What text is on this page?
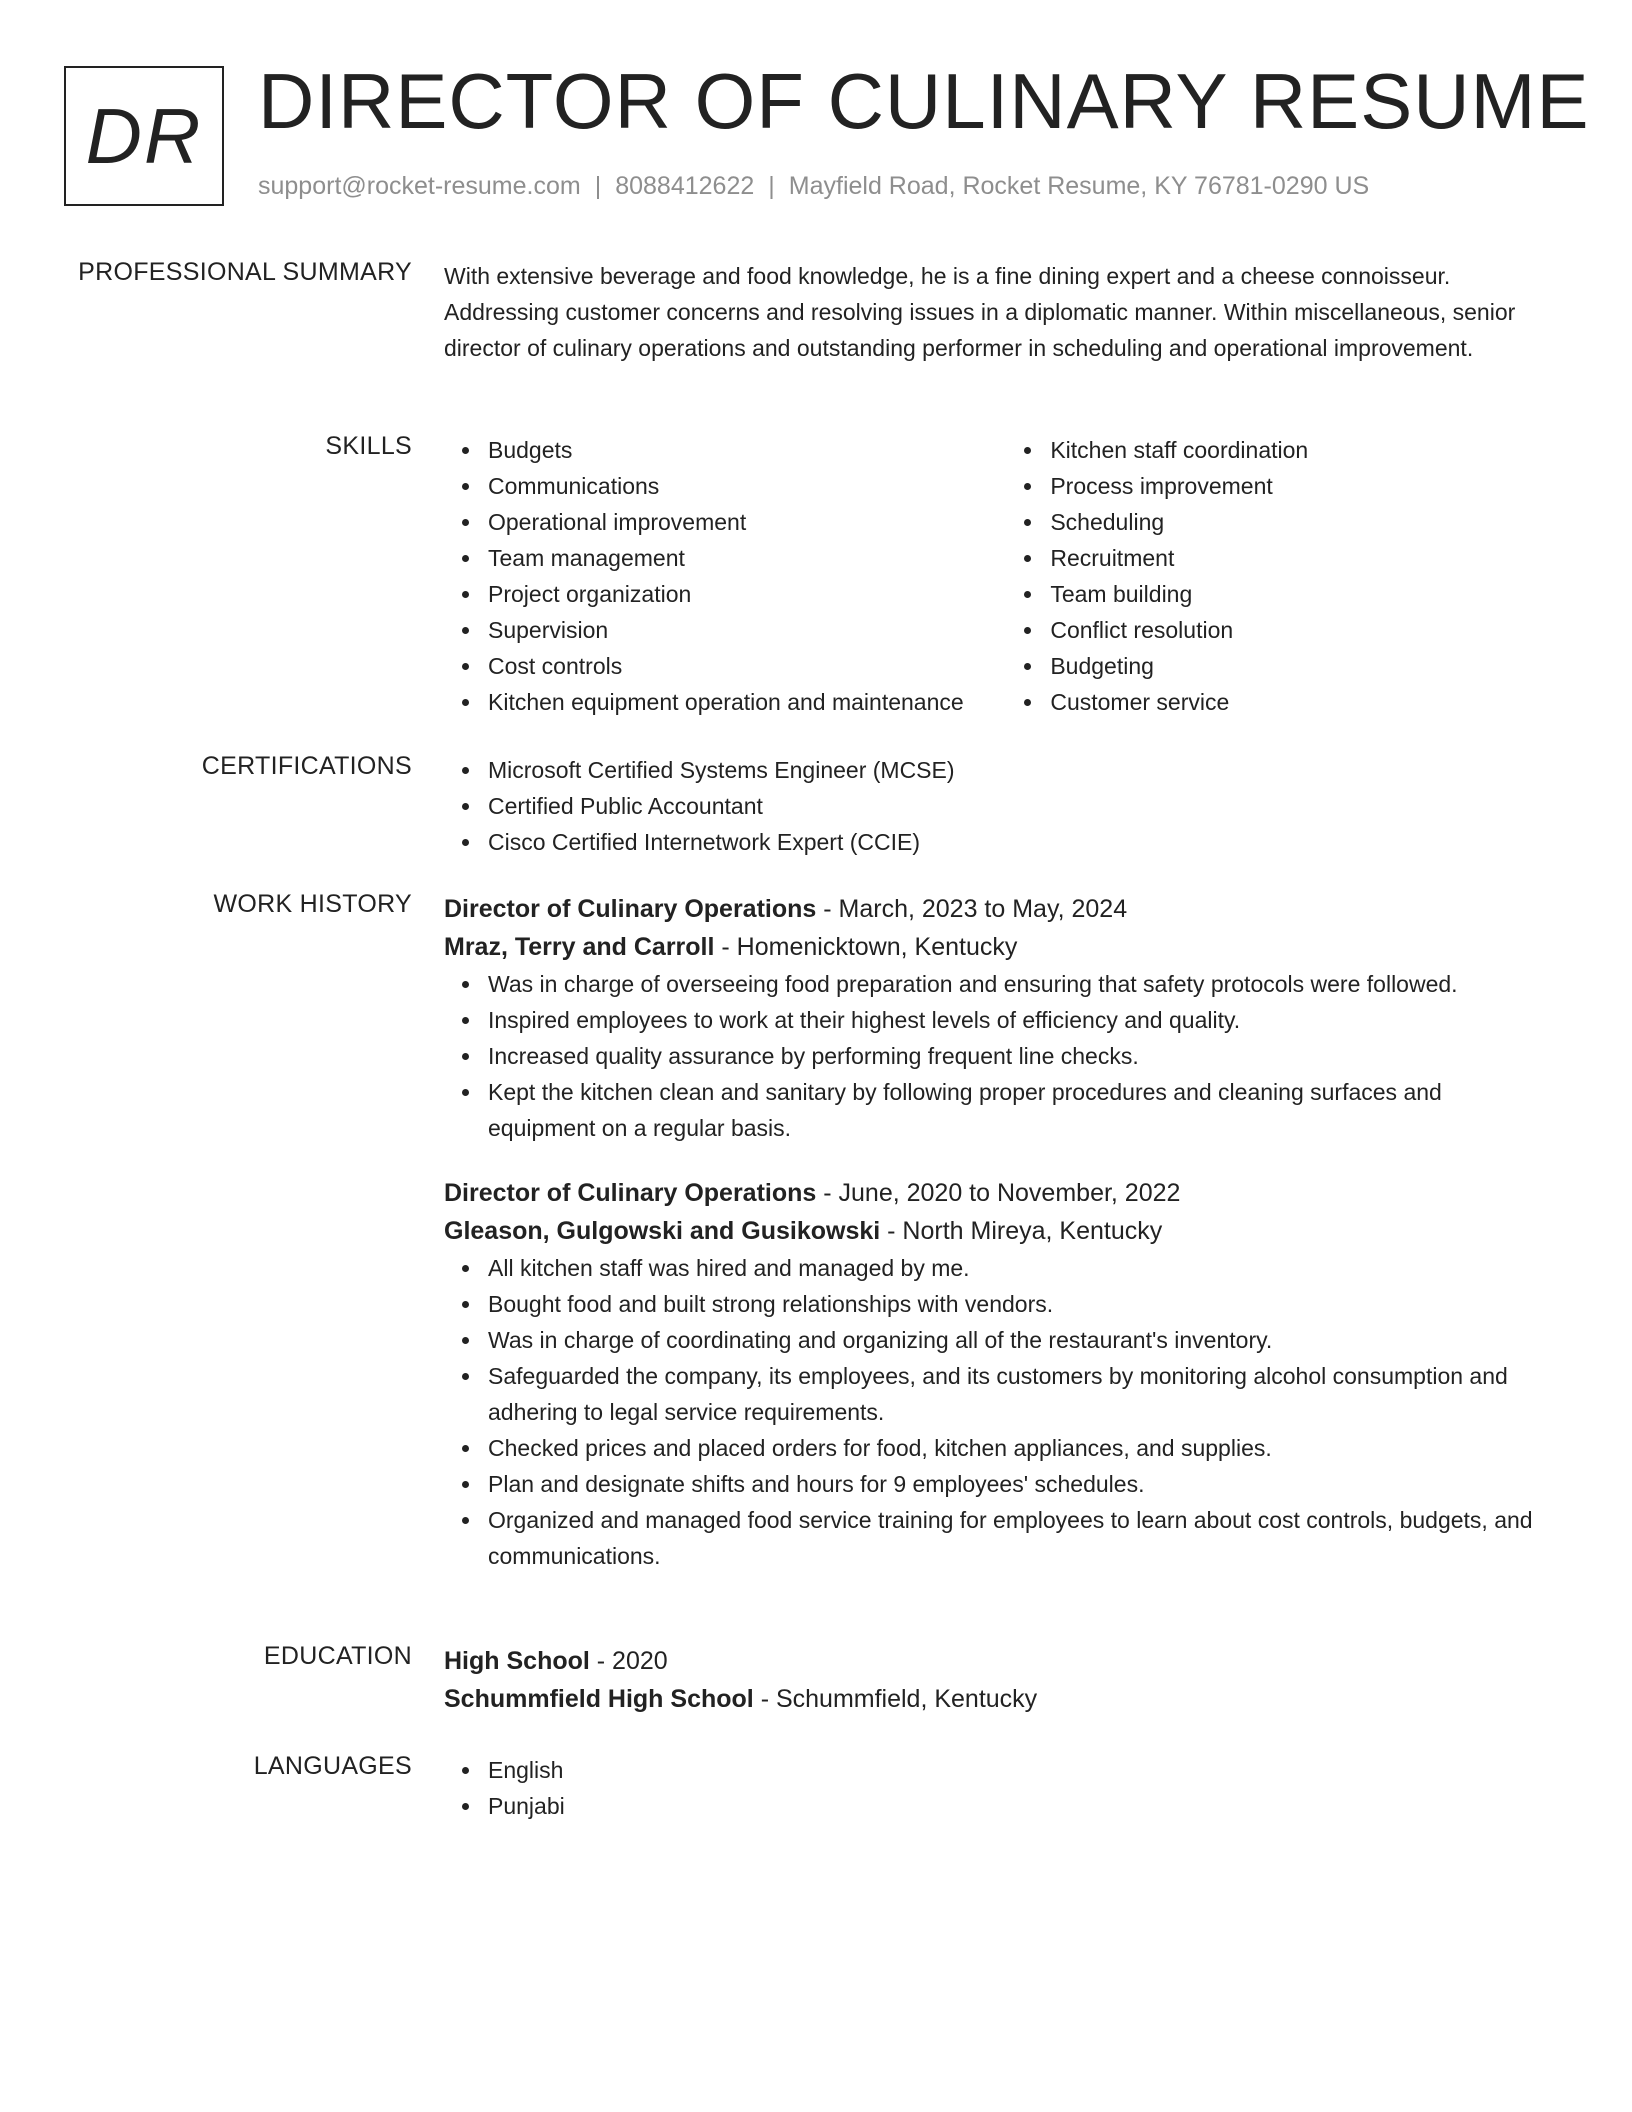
DR DIRECTOR OF CULINARY RESUME
support@rocket-resume.com | 8088412622 | Mayfield Road, Rocket Resume, KY 76781-0290 US
PROFESSIONAL SUMMARY With extensive beverage and food knowledge, he is a fine dining expert and a cheese connoisseur. Addressing customer concerns and resolving issues in a diplomatic manner. Within miscellaneous, senior director of culinary operations and outstanding performer in scheduling and operational improvement.

SKILLS	Budgets
Communications
Operational improvement
Team management
Project organization
Supervision
Cost controls
Kitchen equipment operation and maintenance
Kitchen staff coordination
Process improvement
Scheduling
Recruitment
Team building
Conflict resolution
Budgeting
Customer service
CERTIFICATIONS	Microsoft Certified Systems Engineer (MCSE)
Certified Public Accountant
Cisco Certified Internetwork Expert (CCIE)
WORK HISTORY Director of Culinary Operations - March, 2023 to May, 2024
Mraz, Terry and Carroll - Homenicktown, Kentucky
Was in charge of overseeing food preparation and ensuring that safety protocols were followed.
Inspired employees to work at their highest levels of efficiency and quality.
Increased quality assurance by performing frequent line checks.
Kept the kitchen clean and sanitary by following proper procedures and cleaning surfaces and equipment on a regular basis.
Director of Culinary Operations - June, 2020 to November, 2022
Gleason, Gulgowski and Gusikowski - North Mireya, Kentucky
All kitchen staff was hired and managed by me.
Bought food and built strong relationships with vendors.
Was in charge of coordinating and organizing all of the restaurant's inventory.
Safeguarded the company, its employees, and its customers by monitoring alcohol consumption and adhering to legal service requirements.
Checked prices and placed orders for food, kitchen appliances, and supplies.
Plan and designate shifts and hours for 9 employees' schedules.
Organized and managed food service training for employees to learn about cost controls, budgets, and communications.
EDUCATION High School - 2020
Schummfield High School - Schummfield, Kentucky
LANGUAGES	English
Punjabi
